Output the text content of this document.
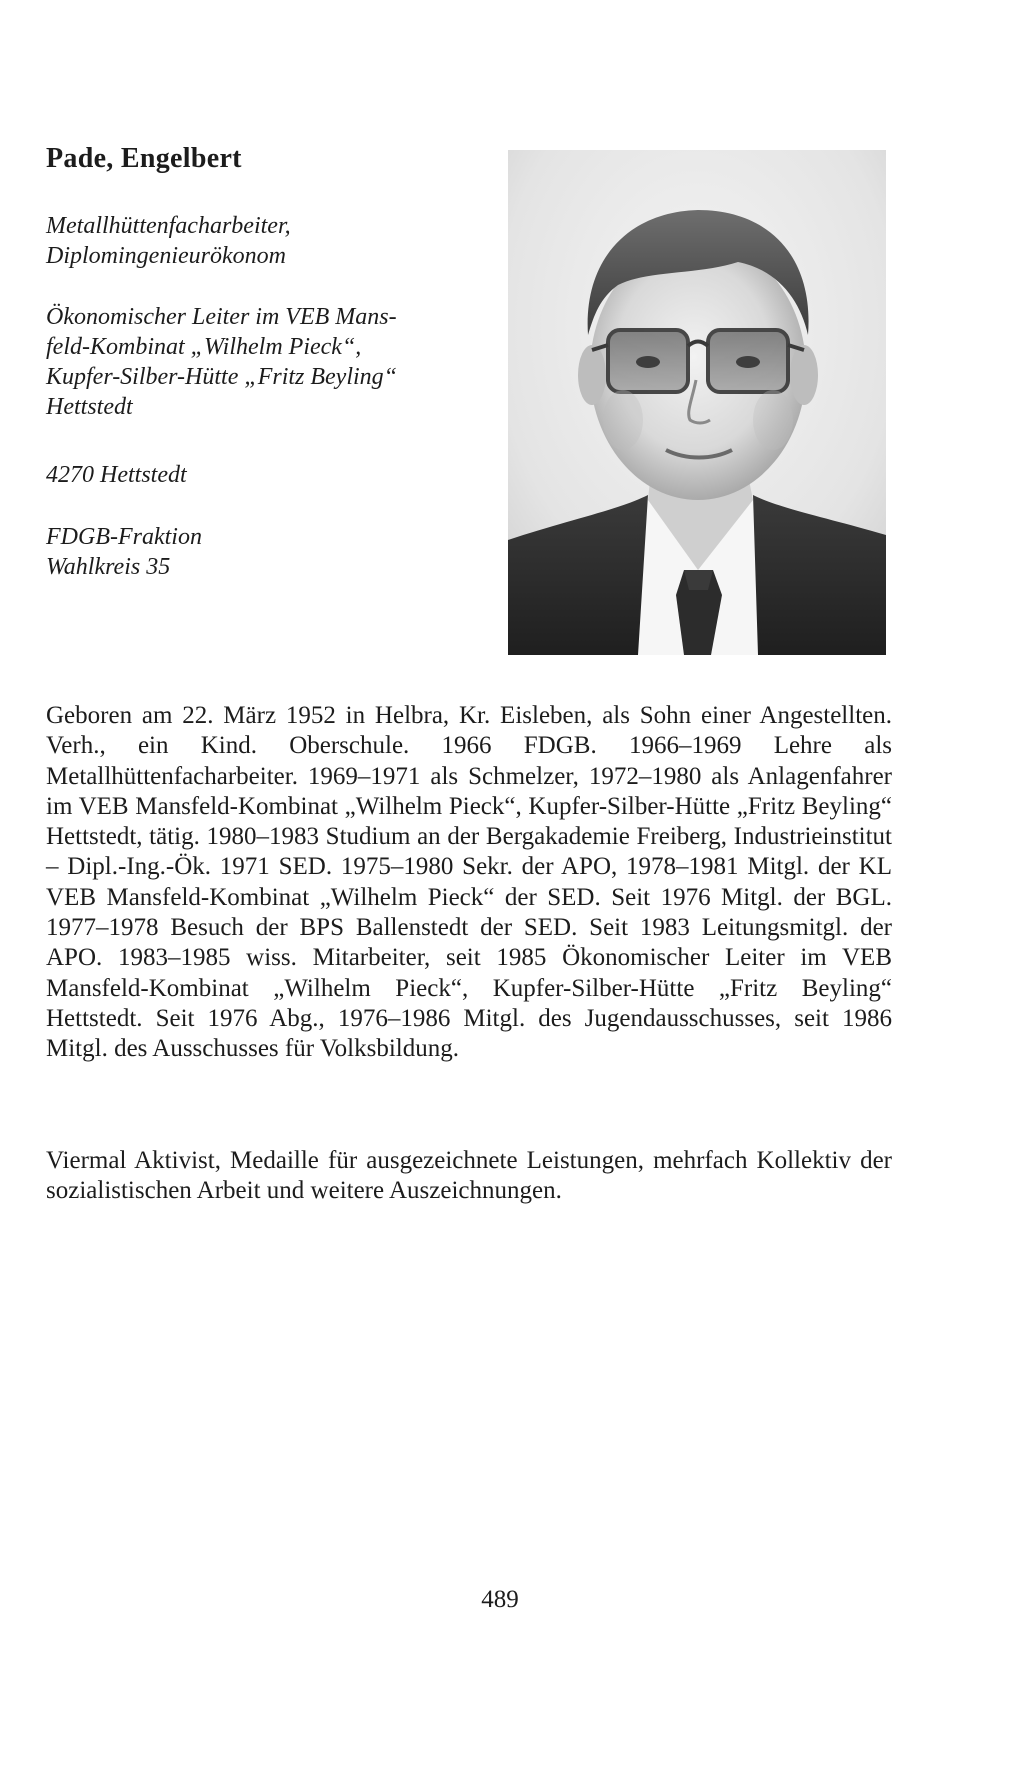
Pade, Engelbert

Metallhüttenfacharbeiter,
Diplomingenieurökonom

Ökonomischer Leiter im VEB Mans-
feld-Kombinat „Wilhelm Pieck“,
Kupfer-Silber-Hütte „Fritz Beyling“
Hettstedt

4270 Hettstedt

FDGB-Fraktion
Wahlkreis 35

Geboren am 22. März 1952 in Helbra, Kr. Eisleben, als Sohn einer Angestellten. Verh., ein Kind. Oberschule. 1966 FDGB. 1966–1969 Lehre als Metallhüttenfacharbeiter. 1969–1971 als Schmelzer, 1972–1980 als Anlagenfahrer im VEB Mansfeld-Kombinat „Wilhelm Pieck“, Kupfer-Silber-Hütte „Fritz Beyling“ Hettstedt, tätig. 1980–1983 Studium an der Bergakademie Freiberg, Industrieinstitut – Dipl.-Ing.-Ök. 1971 SED. 1975–1980 Sekr. der APO, 1978–1981 Mitgl. der KL VEB Mansfeld-Kombinat „Wilhelm Pieck“ der SED. Seit 1976 Mitgl. der BGL. 1977–1978 Besuch der BPS Ballenstedt der SED. Seit 1983 Leitungsmitgl. der APO. 1983–1985 wiss. Mitarbeiter, seit 1985 Ökonomischer Leiter im VEB Mansfeld-Kombinat „Wilhelm Pieck“, Kupfer-Silber-Hütte „Fritz Beyling“ Hettstedt. Seit 1976 Abg., 1976–1986 Mitgl. des Jugendausschusses, seit 1986 Mitgl. des Ausschusses für Volksbildung.

Viermal Aktivist, Medaille für ausgezeichnete Leistungen, mehrfach Kollektiv der sozialistischen Arbeit und weitere Auszeichnungen.

489
